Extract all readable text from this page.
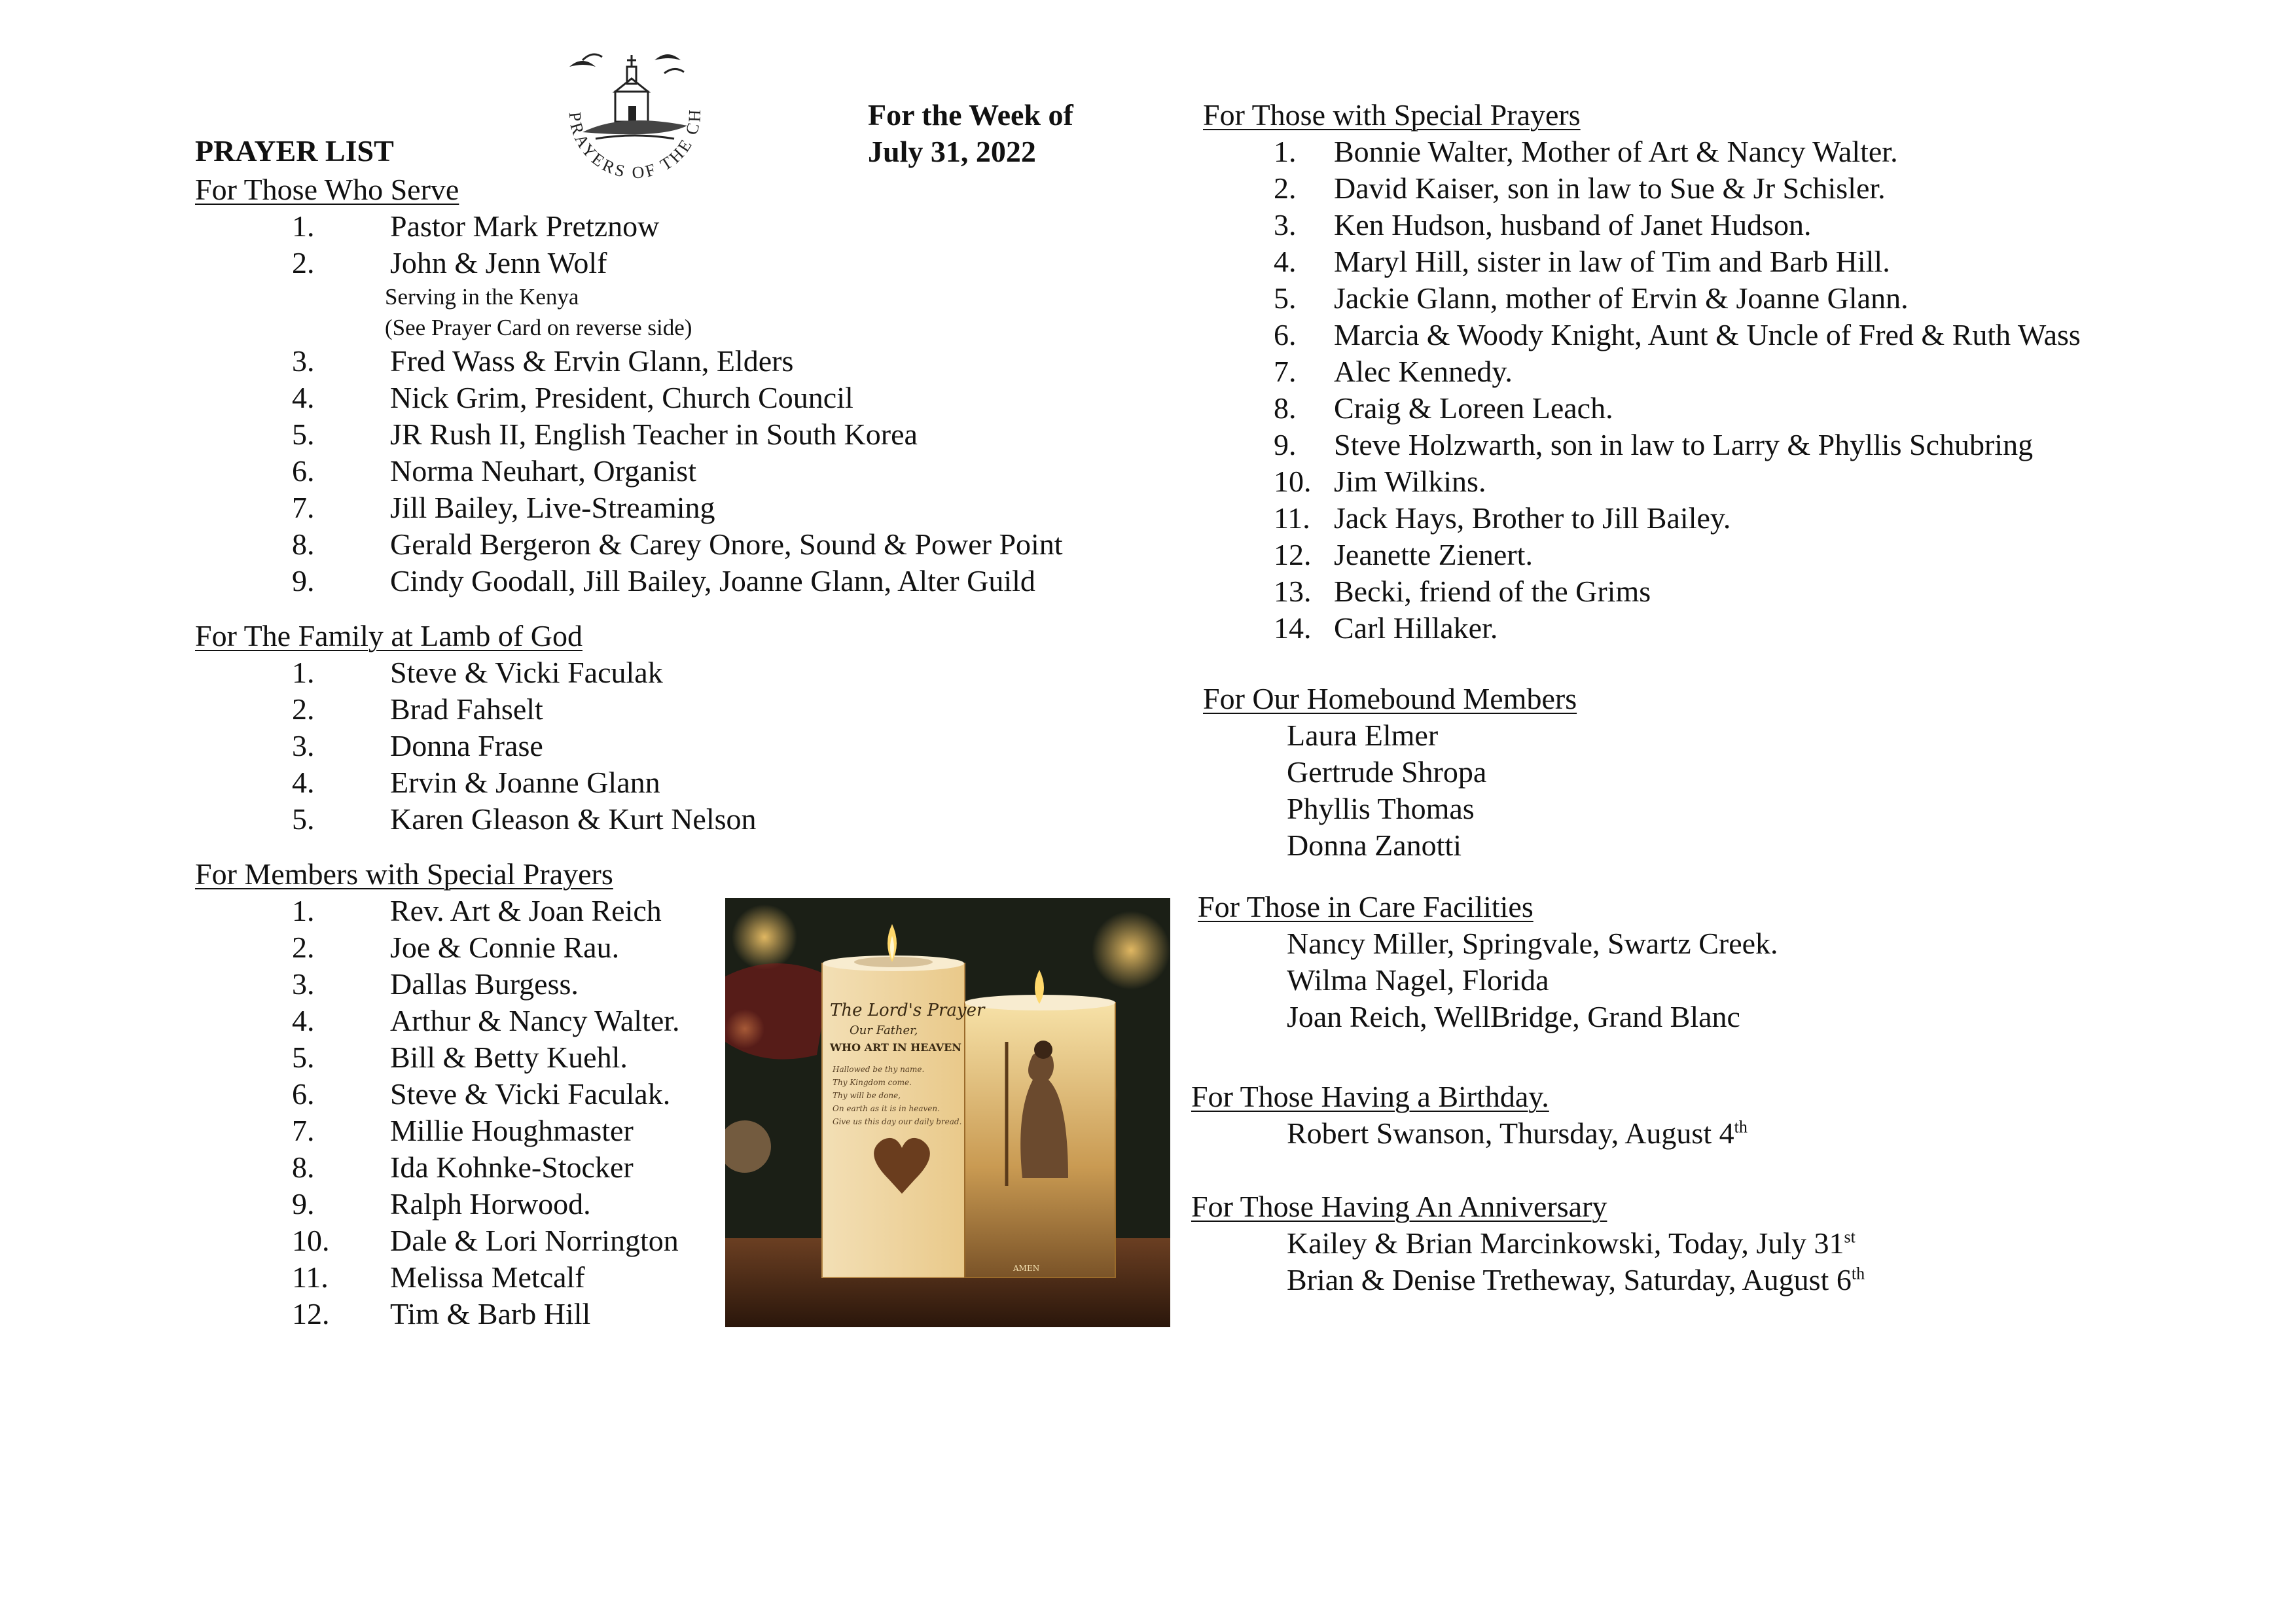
PRAYERS OF THE CH
PRAYER LIST
For the Week of
July 31, 2022
For Those Who Serve
1.	Pastor Mark Pretznow
2.	John & Jenn Wolf
Serving in the Kenya
(See Prayer Card on reverse side)
3.	Fred Wass & Ervin Glann, Elders
4.	Nick Grim, President, Church Council
5.	JR Rush II, English Teacher in South Korea
6.	Norma Neuhart, Organist
7.	Jill Bailey, Live-Streaming
8.	Gerald Bergeron & Carey Onore, Sound & Power Point
9.	Cindy Goodall, Jill Bailey, Joanne Glann, Alter Guild
For The Family at Lamb of God
1.	Steve & Vicki Faculak
2.	Brad Fahselt
3.	Donna Frase
4.	Ervin & Joanne Glann
5.	Karen Gleason & Kurt Nelson
For Members with Special Prayers
1.	Rev. Art & Joan Reich
2.	Joe & Connie Rau.
3.	Dallas Burgess.
4.	Arthur & Nancy Walter.
5.	Bill & Betty Kuehl.
6.	Steve & Vicki Faculak.
7.	Millie Houghmaster
8.	Ida Kohnke-Stocker
9.	Ralph Horwood.
10.	Dale & Lori Norrington
11.	Melissa Metcalf
12.	Tim & Barb Hill
The Lord's Prayer
Our Father,
WHO ART IN HEAVEN
Hallowed be thy name.
Thy Kingdom come.
Thy will be done,
On earth as it is in heaven.
Give us this day our daily bread.
AMEN
For Those with Special Prayers
1.	Bonnie Walter, Mother of Art & Nancy Walter.
2.	David Kaiser, son in law to Sue & Jr Schisler.
3.	Ken Hudson, husband of Janet Hudson.
4.	Maryl Hill, sister in law of Tim and Barb Hill.
5.	Jackie Glann, mother of Ervin & Joanne Glann.
6.	Marcia & Woody Knight, Aunt & Uncle of Fred & Ruth Wass
7.	Alec Kennedy.
8.	Craig & Loreen Leach.
9.	Steve Holzwarth, son in law to Larry & Phyllis Schubring
10. Jim Wilkins.
11. Jack Hays, Brother to Jill Bailey.
12. Jeanette Zienert.
13. Becki, friend of the Grims
14. Carl Hillaker.
For Our Homebound Members
Laura Elmer
Gertrude Shropa
Phyllis Thomas
Donna Zanotti
For Those in Care Facilities
Nancy Miller, Springvale, Swartz Creek.
Wilma Nagel, Florida
Joan Reich, WellBridge, Grand Blanc
For Those Having a Birthday.
Robert Swanson, Thursday, August 4th
For Those Having An Anniversary
Kailey & Brian Marcinkowski, Today, July 31st
Brian & Denise Tretheway, Saturday, August 6th
